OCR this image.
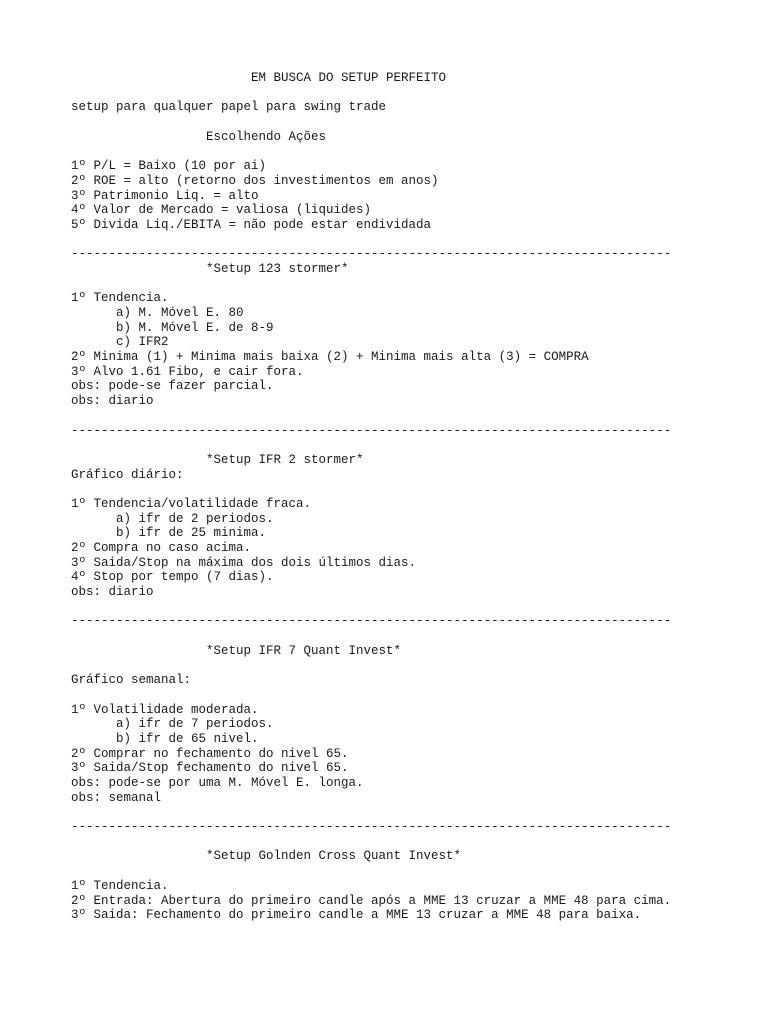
EM BUSCA DO SETUP PERFEITO
setup para qualquer papel para swing trade
Escolhendo Ações
1º P/L = Baixo (10 por ai)
2º ROE = alto (retorno dos investimentos em anos)
3º Patrimonio Liq. = alto
4º Valor de Mercado = valiosa (liquides)
5º Divida Liq./EBITA = não pode estar endividada
--------------------------------------------------------------------------------
*Setup 123 stormer*
1º Tendencia.
a) M. Móvel E. 80
b) M. Móvel E. de 8-9
c) IFR2
2º Minima (1) + Minima mais baixa (2) + Minima mais alta (3) = COMPRA
3º Alvo 1.61 Fibo, e cair fora.
obs: pode-se fazer parcial.
obs: diario
--------------------------------------------------------------------------------
*Setup IFR 2 stormer*
Gráfico diário:
1º Tendencia/volatilidade fraca.
a) ifr de 2 periodos.
b) ifr de 25 minima.
2º Compra no caso acima.
3º Saida/Stop na máxima dos dois últimos dias.
4º Stop por tempo (7 dias).
obs: diario
--------------------------------------------------------------------------------
*Setup IFR 7 Quant Invest*
Gráfico semanal:
1º Volatilidade moderada.
a) ifr de 7 periodos.
b) ifr de 65 nivel.
2º Comprar no fechamento do nivel 65.
3º Saida/Stop fechamento do nivel 65.
obs: pode-se por uma M. Móvel E. longa.
obs: semanal
--------------------------------------------------------------------------------
*Setup Golnden Cross Quant Invest*
1º Tendencia.
2º Entrada: Abertura do primeiro candle após a MME 13 cruzar a MME 48 para cima.
3º Saida: Fechamento do primeiro candle a MME 13 cruzar a MME 48 para baixa.
